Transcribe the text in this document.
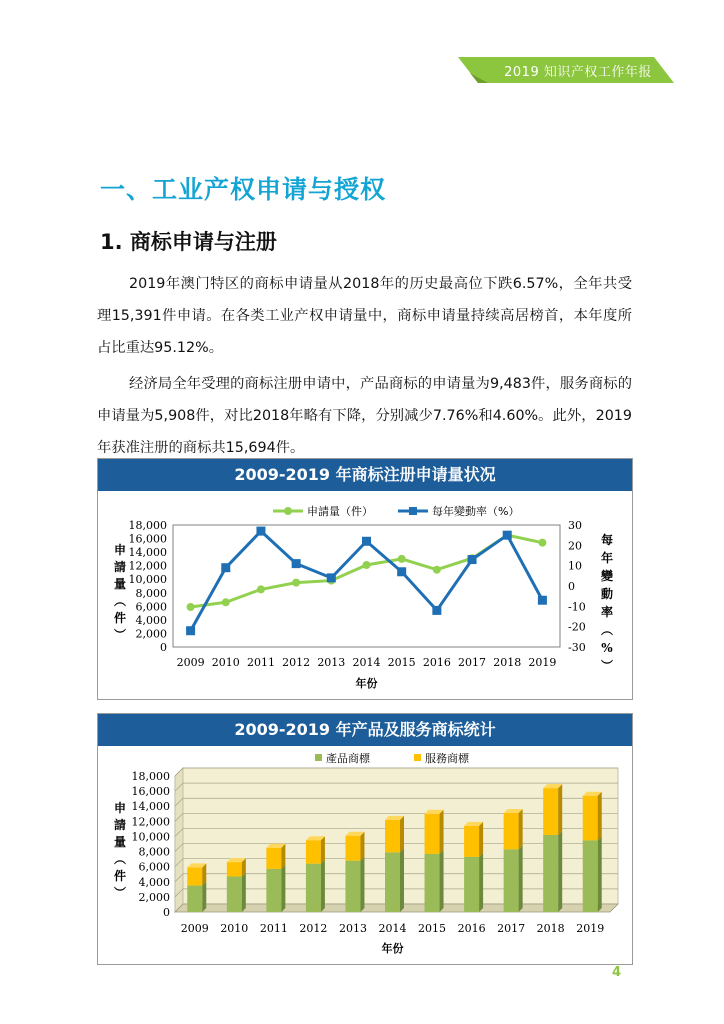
2019 知识产权工作年报
一、工业产权申请与授权
1. 商标申请与注册
2019年澳门特区的商标申请量从2018年的历史最高位下跌6.57%，全年共受理15,391件申请。在各类工业产权申请量中，商标申请量持续高居榜首，本年度所占比重达95.12%。
经济局全年受理的商标注册申请中，产品商标的申请量为9,483件，服务商标的申请量为5,908件，对比2018年略有下降，分别减少7.76%和4.60%。此外，2019年获准注册的商标共15,694件。
2009-2019 年商标注册申请量状况
0
2,000
4,000
6,000
8,000
10,000
12,000
14,000
16,000
18,000
-30
-20
-10
0
10
20
30
2009 2010 2011 2012 2013 2014 2015 2016 2017 2018 2019
年份
申
請
量
︵
件
︶
每
年
變
動
率
︵
%
︶
申請量（件）	每年變動率（%）
2009-2019 年产品及服务商标统计
0
2,000
4,000
6,000
8,000
10,000
12,000
14,000
16,000
18,000
2009 2010 2011 2012 2013 2014 2015 2016 2017 2018 2019
年份
申
請
量
︵
件
︶
產品商標	服務商標
4
